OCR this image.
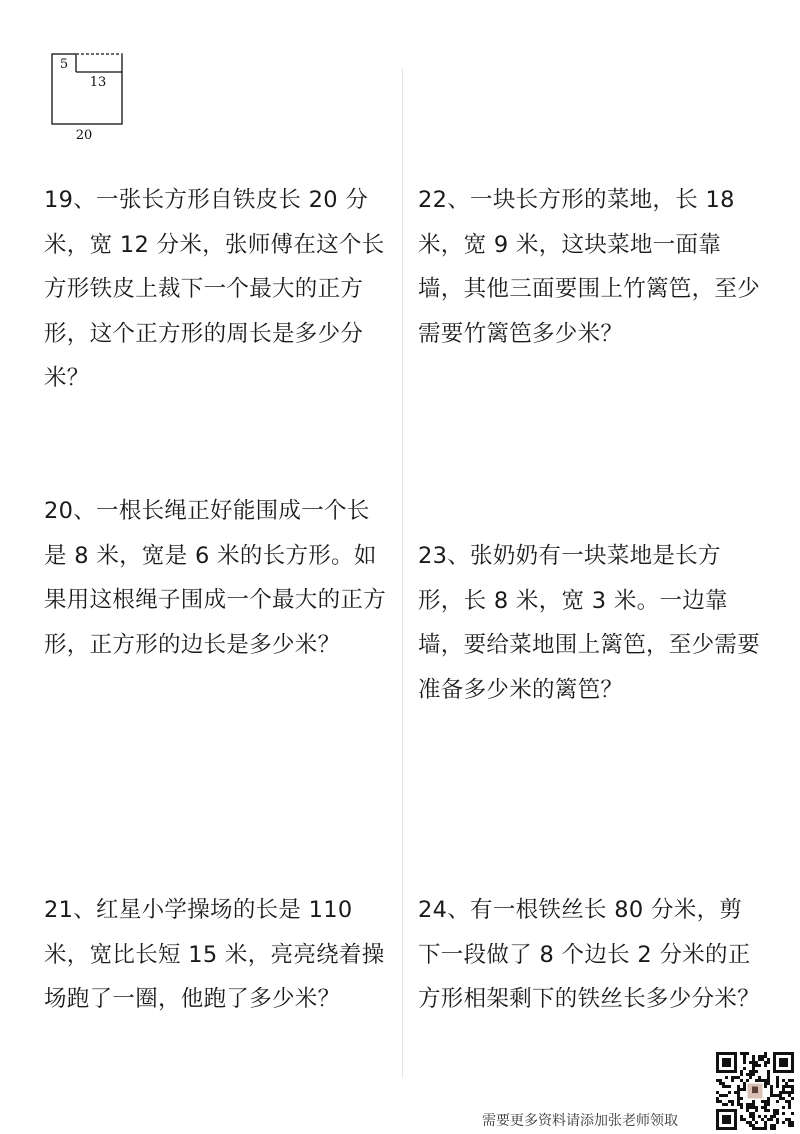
5
13
20
19、一张长方形自铁皮长 20 分米，宽 12 分米，张师傅在这个长方形铁皮上裁下一个最大的正方形，这个正方形的周长是多少分米？
20、一根长绳正好能围成一个长是 8 米，宽是 6 米的长方形。如果用这根绳子围成一个最大的正方形，正方形的边长是多少米？
21、红星小学操场的长是 110 米，宽比长短 15 米，亮亮绕着操场跑了一圈，他跑了多少米？
22、一块长方形的菜地，长 18 米，宽 9 米，这块菜地一面靠墙，其他三面要围上竹篱笆，至少需要竹篱笆多少米？
23、张奶奶有一块菜地是长方形，长 8 米，宽 3 米。一边靠墙，要给菜地围上篱笆，至少需要准备多少米的篱笆？
24、有一根铁丝长 80 分米，剪下一段做了 8 个边长 2 分米的正方形相架剩下的铁丝长多少分米？
需要更多资料请添加张老师领取
